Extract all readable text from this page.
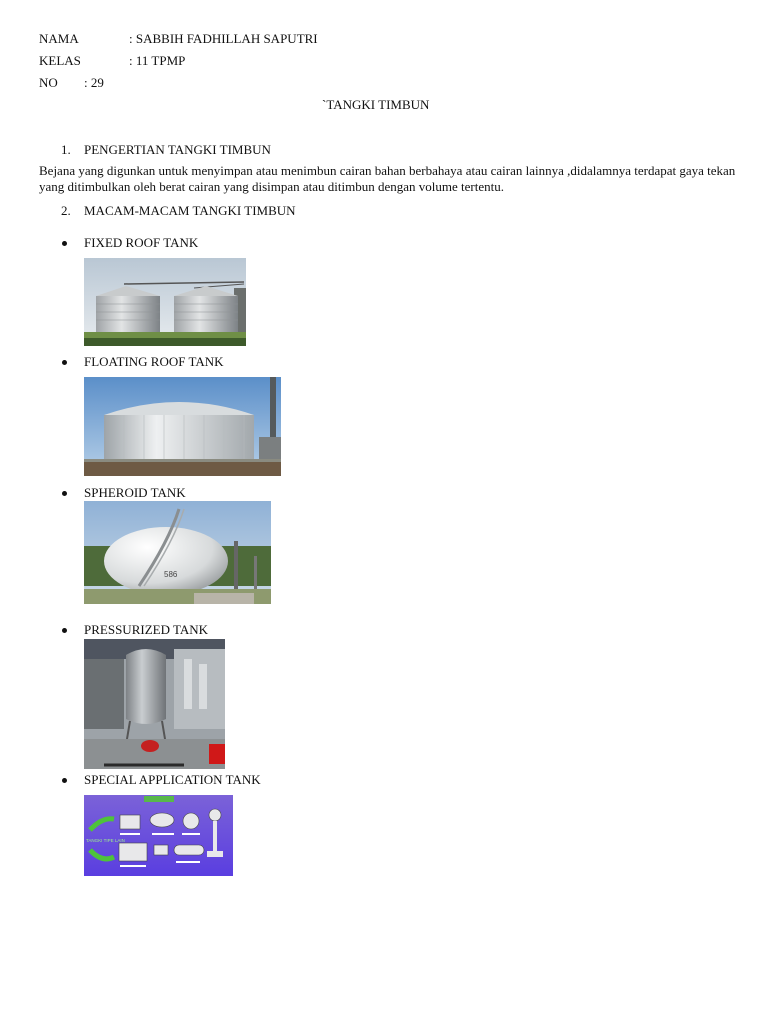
NAMA	: SABBIH FADHILLAH SAPUTRI
KELAS	: 11 TPMP
NO : 29
`TANGKI TIMBUN
1. PENGERTIAN TANGKI TIMBUN
Bejana yang digunkan untuk menyimpan atau menimbun cairan bahan berbahaya atau cairan lainnya ,didalamnya terdapat gaya tekan yang ditimbulkan oleh berat cairan yang disimpan atau ditimbun dengan volume tertentu.
2. MACAM-MACAM TANGKI TIMBUN
FIXED ROOF TANK
FLOATING ROOF TANK
SPHEROID TANK
586
PRESSURIZED TANK
SPECIAL APPLICATION TANK
TANGKI TIPE LAIN
